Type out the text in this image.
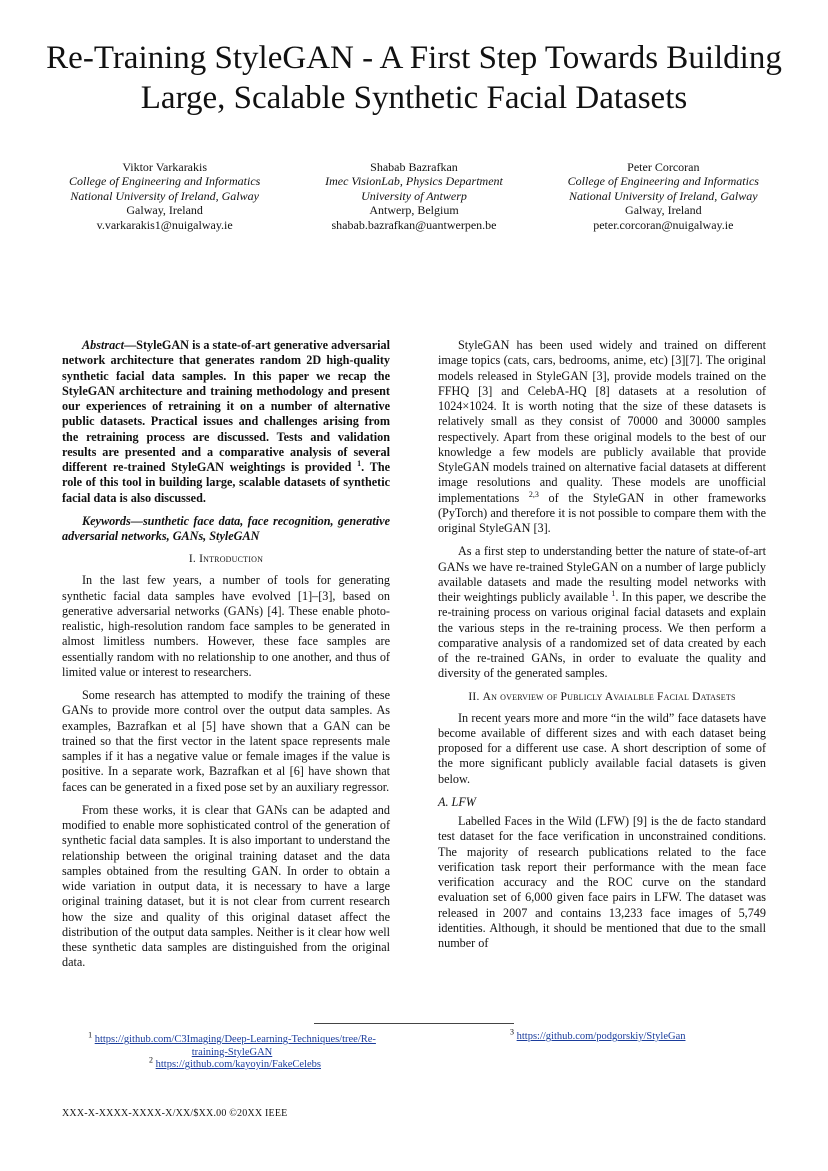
Re-Training StyleGAN - A First Step Towards Building Large, Scalable Synthetic Facial Datasets
Viktor Varkarakis
College of Engineering and Informatics
National University of Ireland, Galway
Galway, Ireland
v.varkarakis1@nuigalway.ie
Shabab Bazrafkan
Imec VisionLab, Physics Department
University of Antwerp
Antwerp, Belgium
shabab.bazrafkan@uantwerpen.be
Peter Corcoran
College of Engineering and Informatics
National University of Ireland, Galway
Galway, Ireland
peter.corcoran@nuigalway.ie

Abstract—StyleGAN is a state-of-art generative adversarial network architecture that generates random 2D high-quality synthetic facial data samples. In this paper we recap the StyleGAN architecture and training methodology and present our experiences of retraining it on a number of alternative public datasets. Practical issues and challenges arising from the retraining process are discussed. Tests and validation results are presented and a comparative analysis of several different re-trained StyleGAN weightings is provided $^1$. The role of this tool in building large, scalable datasets of synthetic facial data is also discussed.

Keywords—sunthetic face data, face recognition, generative adversarial networks, GANs, StyleGAN

I. Introduction

In the last few years, a number of tools for generating synthetic facial data samples have evolved [1]–[3], based on generative adversarial networks (GANs) [4]. These enable photo-realistic, high-resolution random face samples to be generated in almost limitless numbers. However, these face samples are essentially random with no relationship to one another, and thus of limited value or interest to researchers.

Some research has attempted to modify the training of these GANs to provide more control over the output data samples. As examples, Bazrafkan et al [5] have shown that a GAN can be trained so that the first vector in the latent space represents male samples if it has a negative value or female images if the value is positive. In a separate work, Bazrafkan et al [6] have shown that faces can be generated in a fixed pose set by an auxiliary regressor.

From these works, it is clear that GANs can be adapted and modified to enable more sophisticated control of the generation of synthetic facial data samples. It is also important to understand the relationship between the original training dataset and the data samples obtained from the resulting GAN. In order to obtain a wide variation in output data, it is necessary to have a large original training dataset, but it is not clear from current research how the size and quality of this original dataset affect the distribution of the output data samples. Neither is it clear how well these synthetic data samples are distinguished from the original data.

StyleGAN has been used widely and trained on different image topics (cats, cars, bedrooms, anime, etc) [3][7]. The original models released in StyleGAN [3], provide models trained on the FFHQ [3] and CelebA-HQ [8] datasets at a resolution of 1024×1024. It is worth noting that the size of these datasets is relatively small as they consist of 70000 and 30000 samples respectively. Apart from these original models to the best of our knowledge a few models are publicly available that provide StyleGAN models trained on alternative facial datasets at different image resolutions and quality. These models are unofficial implementations $^{2,3}$ of the StyleGAN in other frameworks (PyTorch) and therefore it is not possible to compare them with the original StyleGAN [3].

As a first step to understanding better the nature of state-of-art GANs we have re-trained StyleGAN on a number of large publicly available datasets and made the resulting model networks with their weightings publicly available $^1$. In this paper, we describe the re-training process on various original facial datasets and explain the various steps in the re-training process. We then perform a comparative analysis of a randomized set of data created by each of the re-trained GANs, in order to evaluate the quality and diversity of the generated samples.

II. An overview of Publicly Avaialble Facial Datasets

In recent years more and more “in the wild” face datasets have become available of different sizes and with each dataset being proposed for a different use case. A short description of some of the more significant publicly available facial datasets is given below.

A. LFW

Labelled Faces in the Wild (LFW) [9] is the de facto standard test dataset for the face verification in unconstrained conditions. The majority of research publications related to the face verification task report their performance with the mean face verification accuracy and the ROC curve on the standard evaluation set of 6,000 given face pairs in LFW. The dataset was released in 2007 and contains 13,233 face images of 5,749 identities. Although, it should be mentioned that due to the small number of

$^1$ https://github.com/C3Imaging/Deep-Learning-Techniques/tree/Re-training-StyleGAN
$^2$ https://github.com/kayoyin/FakeCelebs
$^3$ https://github.com/podgorskiy/StyleGan
XXX-X-XXXX-XXXX-X/XX/$XX.00 ©20XX IEEE
